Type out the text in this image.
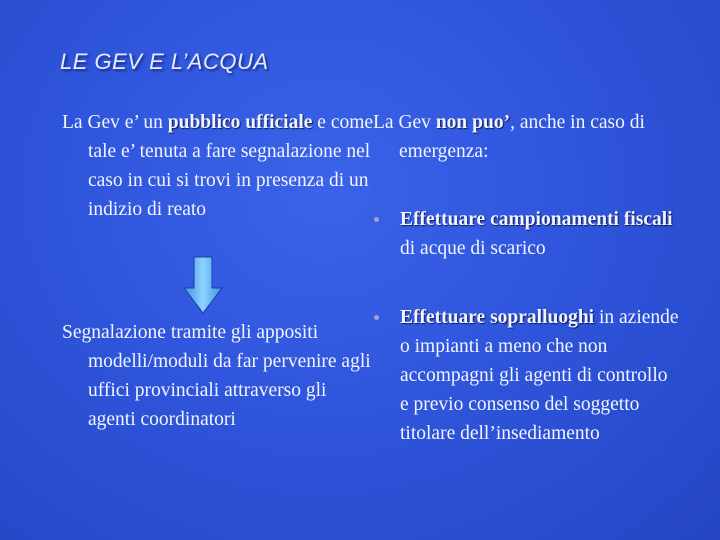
LE GEV E L’ACQUA
La Gev e’ un pubblico ufficiale e come tale e’ tenuta a fare segnalazione nel caso in cui si trovi in presenza di un indizio di reato
Segnalazione tramite gli appositi modelli/moduli da far pervenire agli uffici provinciali attraverso gli agenti coordinatori
La Gev non puo’, anche in caso di emergenza:
Effettuare campionamenti fiscali di acque di scarico
Effettuare sopralluoghi in aziende o impianti a meno che non accompagni gli agenti di controllo e previo consenso del soggetto titolare dell’insediamento
